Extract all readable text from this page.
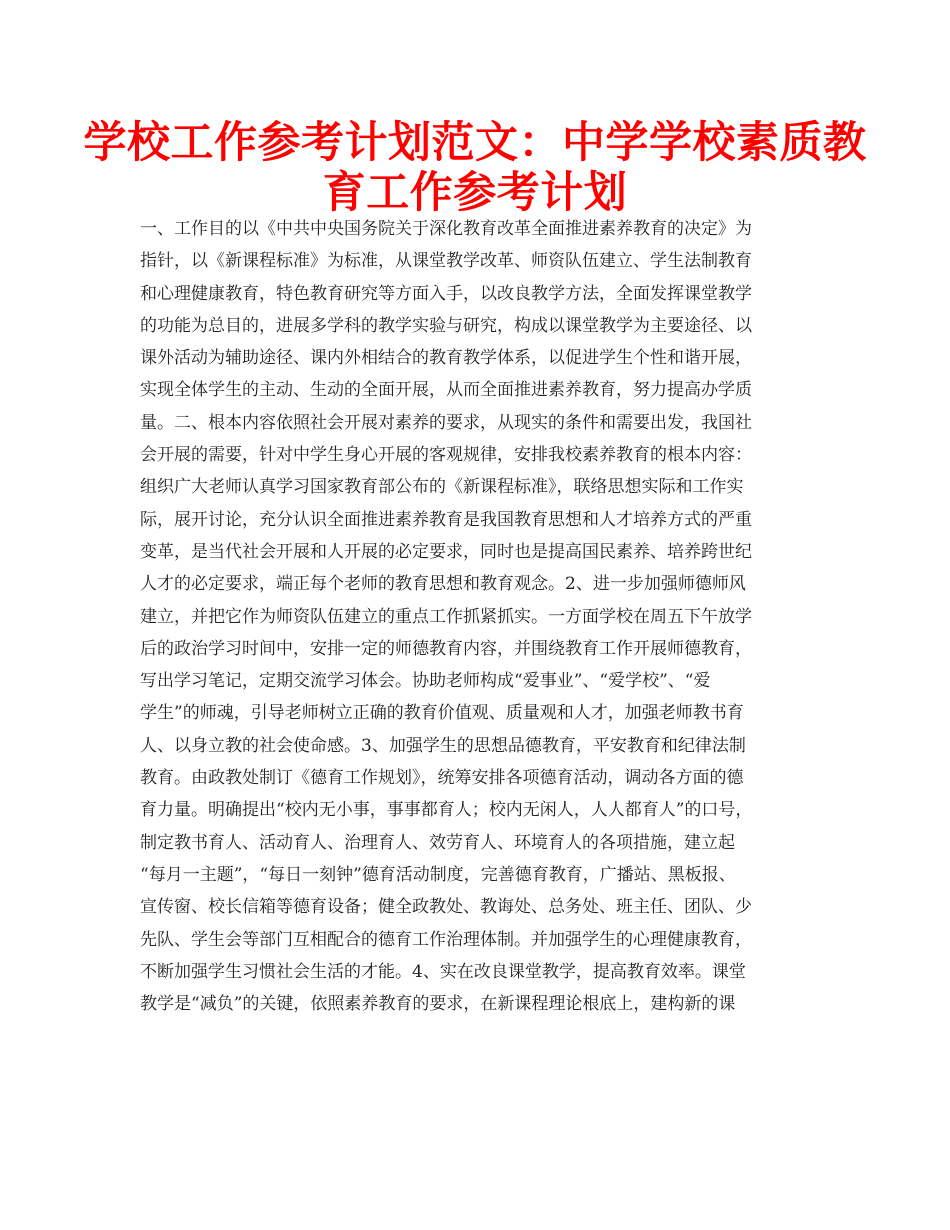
学校工作参考计划范文：中学学校素质教
育工作参考计划
一、工作目的以《中共中央国务院关于深化教育改革全面推进素养教育的决定》为
指针，以《新课程标准》为标准，从课堂教学改革、师资队伍建立、学生法制教育
和心理健康教育，特色教育研究等方面入手，以改良教学方法，全面发挥课堂教学
的功能为总目的，进展多学科的教学实验与研究，构成以课堂教学为主要途径、以
课外活动为辅助途径、课内外相结合的教育教学体系，以促进学生个性和谐开展，
实现全体学生的主动、生动的全面开展，从而全面推进素养教育，努力提高办学质
量。二、根本内容依照社会开展对素养的要求，从现实的条件和需要出发，我国社
会开展的需要，针对中学生身心开展的客观规律，安排我校素养教育的根本内容：
组织广大老师认真学习国家教育部公布的《新课程标准》，联络思想实际和工作实
际，展开讨论，充分认识全面推进素养教育是我国教育思想和人才培养方式的严重
变革，是当代社会开展和人开展的必定要求，同时也是提高国民素养、培养跨世纪
人才的必定要求，端正每个老师的教育思想和教育观念。2、进一步加强师德师风
建立，并把它作为师资队伍建立的重点工作抓紧抓实。一方面学校在周五下午放学
后的政治学习时间中，安排一定的师德教育内容，并围绕教育工作开展师德教育，
写出学习笔记，定期交流学习体会。协助老师构成“爱事业”、“爱学校”、“爱
学生”的师魂，引导老师树立正确的教育价值观、质量观和人才，加强老师教书育
人、以身立教的社会使命感。3、加强学生的思想品德教育，平安教育和纪律法制
教育。由政教处制订《德育工作规划》，统筹安排各项德育活动，调动各方面的德
育力量。明确提出“校内无小事，事事都育人；校内无闲人，人人都育人”的口号，
制定教书育人、活动育人、治理育人、效劳育人、环境育人的各项措施，建立起
“每月一主题”，“每日一刻钟”德育活动制度，完善德育教育，广播站、黑板报、
宣传窗、校长信箱等德育设备；健全政教处、教诲处、总务处、班主任、团队、少
先队、学生会等部门互相配合的德育工作治理体制。并加强学生的心理健康教育，
不断加强学生习惯社会生活的才能。4、实在改良课堂教学，提高教育效率。课堂
教学是“减负”的关键，依照素养教育的要求，在新课程理论根底上，建构新的课
